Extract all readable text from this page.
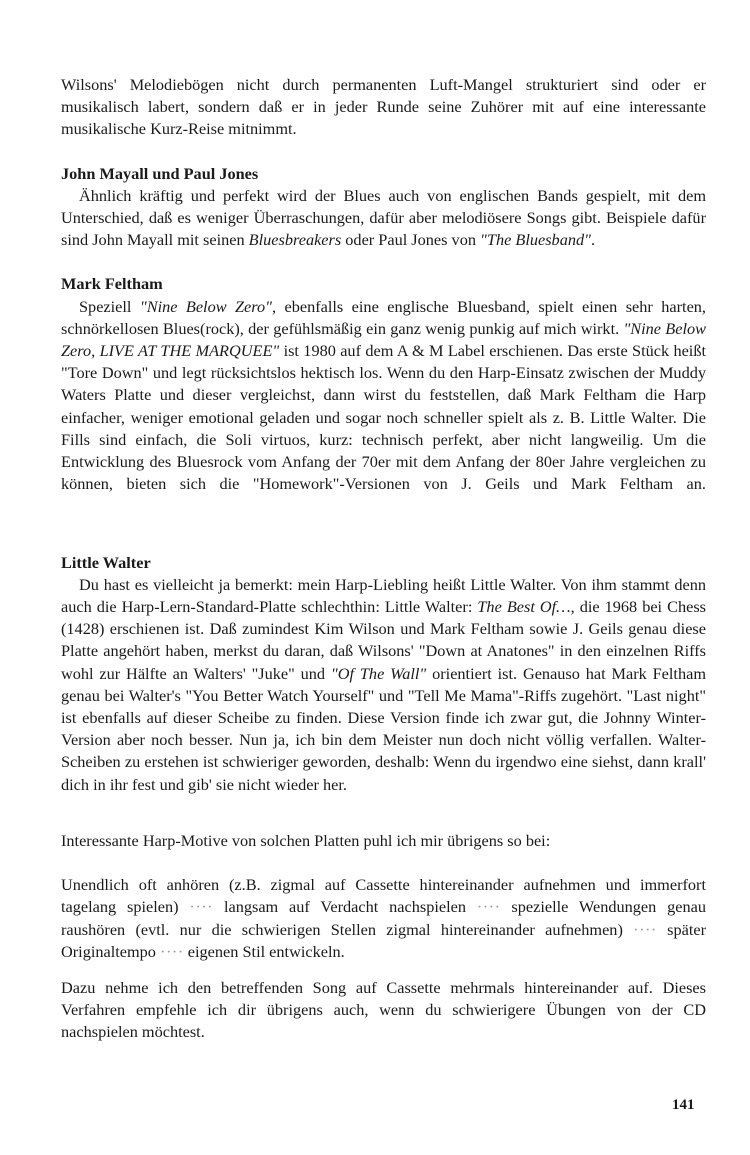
Wilsons' Melodiebögen nicht durch permanenten Luft-Mangel strukturiert sind oder er musikalisch labert, sondern daß er in jeder Runde seine Zuhörer mit auf eine interessante musikalische Kurz-Reise mitnimmt.

John Mayall und Paul Jones

Ähnlich kräftig und perfekt wird der Blues auch von englischen Bands gespielt, mit dem Unterschied, daß es weniger Überraschungen, dafür aber melodiösere Songs gibt. Beispiele dafür sind John Mayall mit seinen Bluesbreakers oder Paul Jones von "The Bluesband".

Mark Feltham

Speziell "Nine Below Zero", ebenfalls eine englische Bluesband, spielt einen sehr harten, schnörkellosen Blues(rock), der gefühlsmäßig ein ganz wenig punkig auf mich wirkt. "Nine Below Zero, LIVE AT THE MARQUEE" ist 1980 auf dem A & M Label erschienen. Das erste Stück heißt "Tore Down" und legt rücksichtslos hektisch los. Wenn du den Harp-Einsatz zwischen der Muddy Waters Platte und dieser vergleichst, dann wirst du feststellen, daß Mark Feltham die Harp einfacher, weniger emotional geladen und sogar noch schneller spielt als z. B. Little Walter. Die Fills sind einfach, die Soli virtuos, kurz: technisch perfekt, aber nicht langweilig. Um die Entwicklung des Bluesrock vom Anfang der 70er mit dem Anfang der 80er Jahre vergleichen zu können, bieten sich die "Homework"-Versionen von J. Geils und Mark Feltham an.

Little Walter

Du hast es vielleicht ja bemerkt: mein Harp-Liebling heißt Little Walter. Von ihm stammt denn auch die Harp-Lern-Standard-Platte schlechthin: Little Walter: The Best Of…, die 1968 bei Chess (1428) erschienen ist. Daß zumindest Kim Wilson und Mark Feltham sowie J. Geils genau diese Platte angehört haben, merkst du daran, daß Wilsons' "Down at Anatones" in den einzelnen Riffs wohl zur Hälfte an Walters' "Juke" und "Of The Wall" orientiert ist. Genauso hat Mark Feltham genau bei Walter's "You Better Watch Yourself" und "Tell Me Mama"-Riffs zugehört. "Last night" ist ebenfalls auf dieser Scheibe zu finden. Diese Version finde ich zwar gut, die Johnny Winter-Version aber noch besser. Nun ja, ich bin dem Meister nun doch nicht völlig verfallen. Walter-Scheiben zu erstehen ist schwieriger geworden, deshalb: Wenn du irgendwo eine siehst, dann krall' dich in ihr fest und gib' sie nicht wieder her.

Interessante Harp-Motive von solchen Platten puhl ich mir übrigens so bei:

Unendlich oft anhören (z.B. zigmal auf Cassette hintereinander aufnehmen und immerfort tagelang spielen) ···· langsam auf Verdacht nachspielen ···· spezielle Wendungen genau raushören (evtl. nur die schwierigen Stellen zigmal hintereinander aufnehmen) ···· später Originaltempo ···· eigenen Stil entwickeln.

Dazu nehme ich den betreffenden Song auf Cassette mehrmals hintereinander auf. Dieses Verfahren empfehle ich dir übrigens auch, wenn du schwierigere Übungen von der CD nachspielen möchtest.

141
